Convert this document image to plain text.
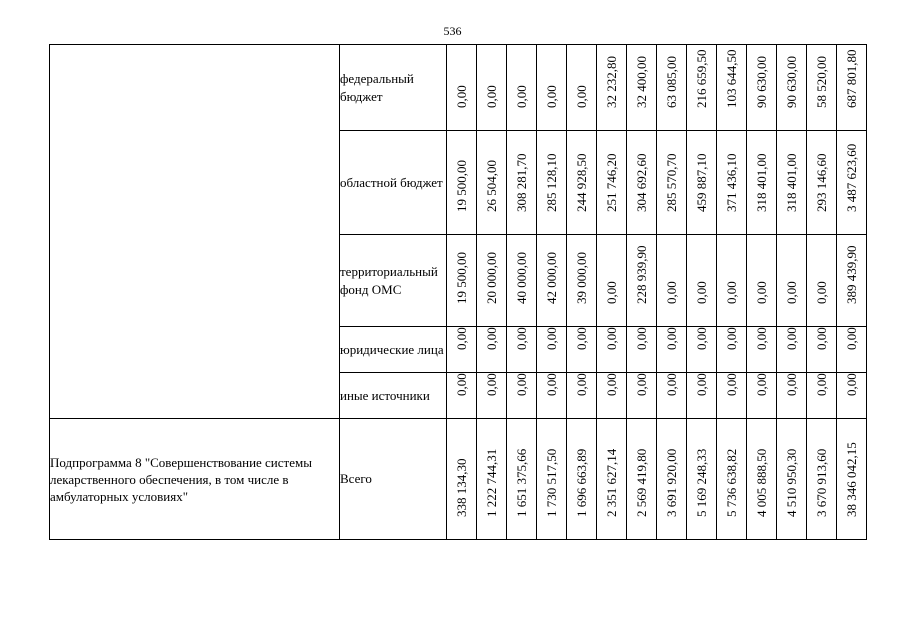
536
	федеральный бюджет	0,00	0,00	0,00	0,00	0,00	32 232,80	32 400,00	63 085,00	216 659,50	103 644,50	90 630,00	90 630,00	58 520,00	687 801,80

	областной бюджет	19 500,00	26 504,00	308 281,70	285 128,10	244 928,50	251 746,20	304 692,60	285 570,70	459 887,10	371 436,10	318 401,00	318 401,00	293 146,60	3 487 623,60

	территориальный фонд ОМС	19 500,00	20 000,00	40 000,00	42 000,00	39 000,00	0,00	228 939,90	0,00	0,00	0,00	0,00	0,00	0,00	389 439,90

	юридические лица	0,00	0,00	0,00	0,00	0,00	0,00	0,00	0,00	0,00	0,00	0,00	0,00	0,00	0,00

	иные источники	0,00	0,00	0,00	0,00	0,00	0,00	0,00	0,00	0,00	0,00	0,00	0,00	0,00	0,00

Подпрограмма 8 "Совершенствование системы лекарственного обеспечения, в том числе в амбулаторных условиях"	Всего	338 134,30	1 222 744,31	1 651 375,66	1 730 517,50	1 696 663,89	2 351 627,14	2 569 419,80	3 691 920,00	5 169 248,33	5 736 638,82	4 005 888,50	4 510 950,30	3 670 913,60	38 346 042,15
